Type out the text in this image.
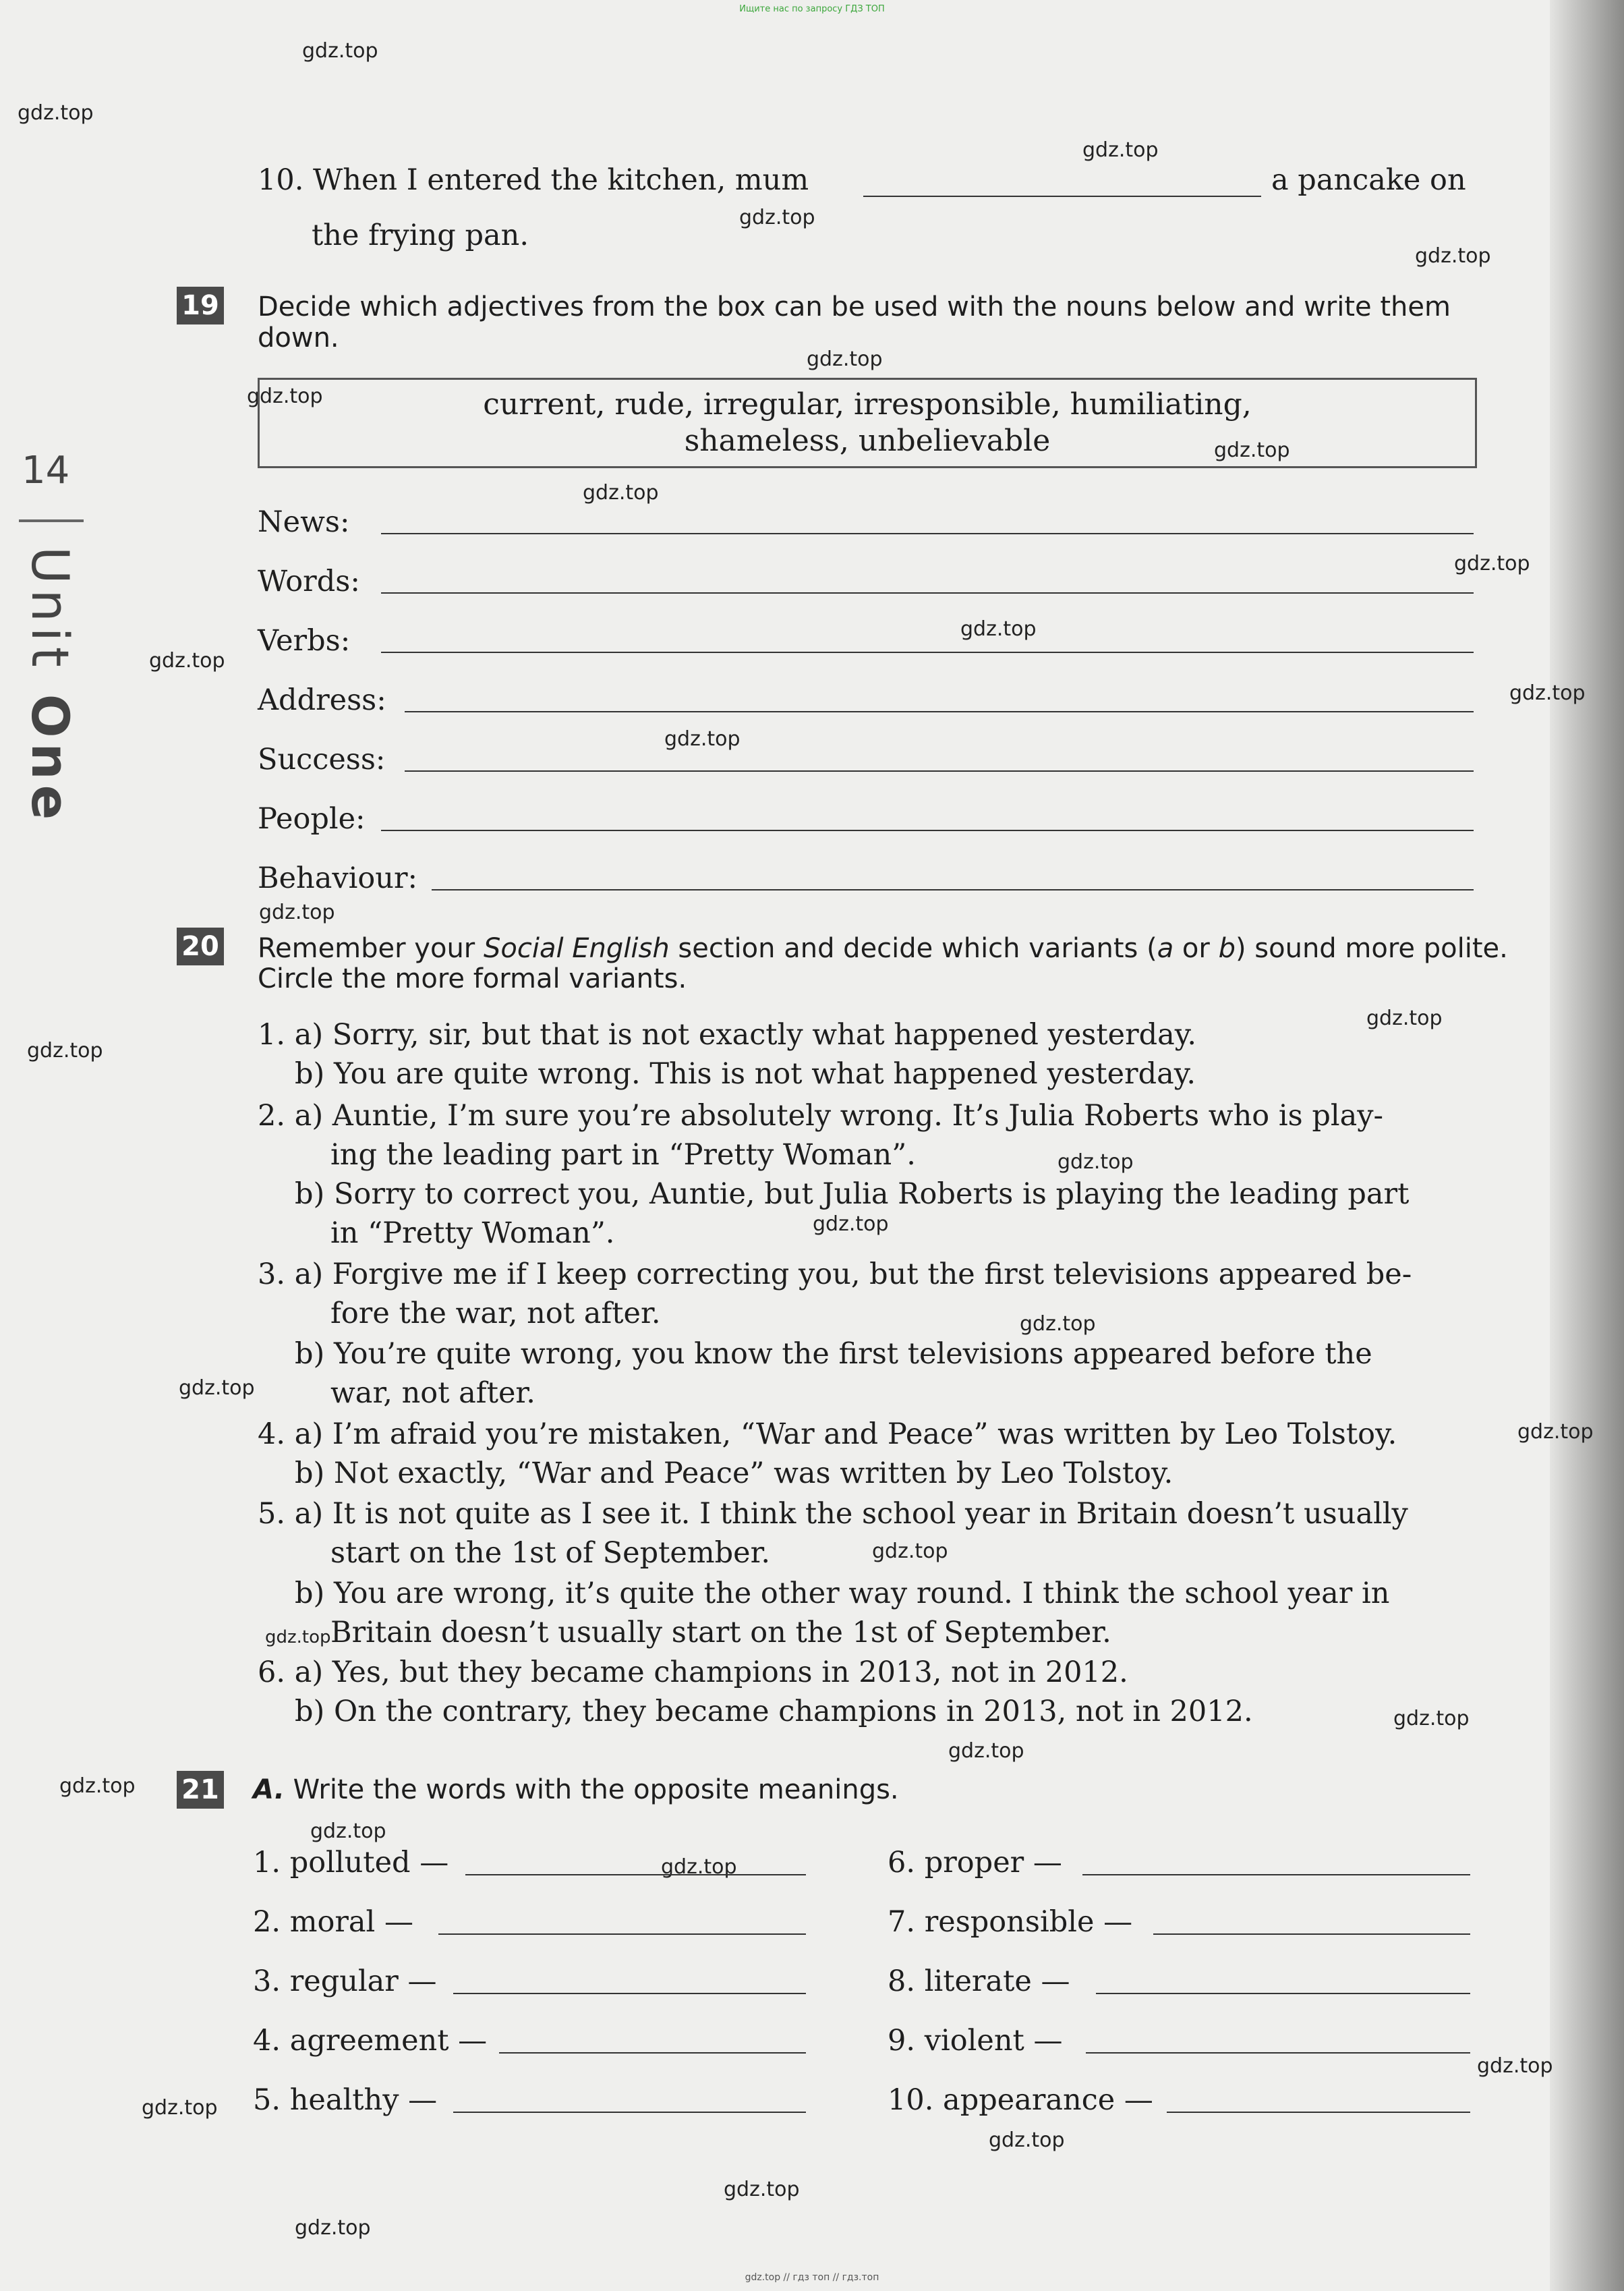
Ищите нас по запросу ГДЗ ТОП
gdz.top
gdz.top
gdz.top
gdz.top
gdz.top
gdz.top
gdz.top
gdz.top
gdz.top
gdz.top
gdz.top
gdz.top
gdz.top
gdz.top
gdz.top
gdz.top
gdz.top
gdz.top
gdz.top
gdz.top
gdz.top
gdz.top
gdz.top
gdz.top
gdz.top
gdz.top
gdz.top
gdz.top
gdz.top
gdz.top
gdz.top
gdz.top
gdz.top
gdz.top
14
Unit One
10. When I entered the kitchen, mum	a pancake on
the frying pan.
19 Decide which adjectives from the box can be used with the nouns below and write them
down.
current, rude, irregular, irresponsible, humiliating,
shameless, unbelievable
News:
Words:
Verbs:
Address:
Success:
People:
Behaviour:
20 Remember your Social English section and decide which variants (a or b) sound more polite.
Circle the more formal variants.
1. a) Sorry, sir, but that is not exactly what happened yesterday.
b) You are quite wrong. This is not what happened yesterday.
2. a) Auntie, I’m sure you’re absolutely wrong. It’s Julia Roberts who is play-
ing the leading part in “Pretty Woman”.
b) Sorry to correct you, Auntie, but Julia Roberts is playing the leading part
in “Pretty Woman”.
3. a) Forgive me if I keep correcting you, but the first televisions appeared be-
fore the war, not after.
b) You’re quite wrong, you know the first televisions appeared before the
war, not after.
4. a) I’m afraid you’re mistaken, “War and Peace” was written by Leo Tolstoy.
b) Not exactly, “War and Peace” was written by Leo Tolstoy.
5. a) It is not quite as I see it. I think the school year in Britain doesn’t usually
start on the 1st of September.
b) You are wrong, it’s quite the other way round. I think the school year in
Britain doesn’t usually start on the 1st of September.
6. a) Yes, but they became champions in 2013, not in 2012.
b) On the contrary, they became champions in 2013, not in 2012.
21 A. Write the words with the opposite meanings.
1. polluted —
2. moral —
3. regular —
4. agreement —
5. healthy —
6. proper —
7. responsible —
8. literate —
9. violent —
10. appearance —
gdz.top // гдз топ // гдз.топ
